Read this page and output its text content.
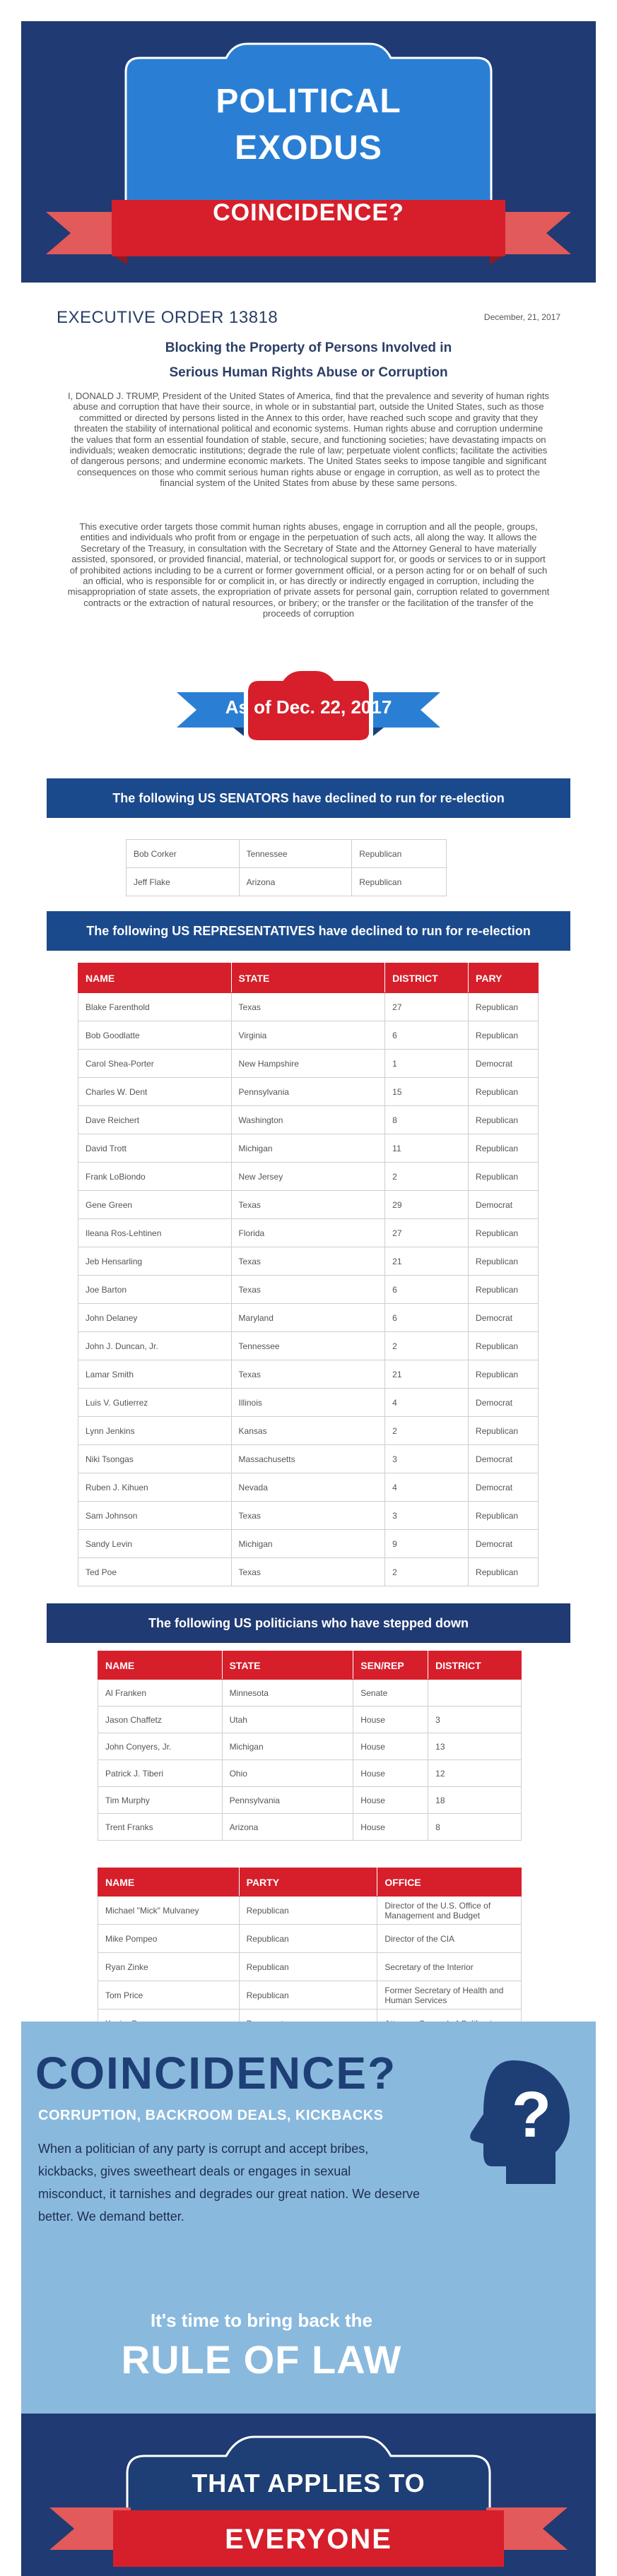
POLITICAL
EXODUS
COINCIDENCE?
EXECUTIVE ORDER 13818	December, 21, 2017
Blocking the Property of Persons Involved in
Serious Human Rights Abuse or Corruption
I, DONALD J. TRUMP, President of the United States of America, find that the prevalence and severity of human rights abuse and corruption that have their source, in whole or in substantial part, outside the United States, such as those committed or directed by persons listed in the Annex to this order, have reached such scope and gravity that they threaten the stability of international political and economic systems. Human rights abuse and corruption undermine the values that form an essential foundation of stable, secure, and functioning societies; have devastating impacts on individuals; weaken democratic institutions; degrade the rule of law; perpetuate violent conflicts; facilitate the activities of dangerous persons; and undermine economic markets. The United States seeks to impose tangible and significant consequences on those who commit serious human rights abuse or engage in corruption, as well as to protect the financial system of the United States from abuse by these same persons.
This executive order targets those commit human rights abuses, engage in corruption and all the people, groups, entities and individuals who profit from or engage in the perpetuation of such acts, all along the way. It allows the Secretary of the Treasury, in consultation with the Secretary of State and the Attorney General to have materially assisted, sponsored, or provided financial, material, or technological support for, or goods or services to or in support of prohibited actions including to be a current or former government official, or a person acting for or on behalf of such an official, who is responsible for or complicit in, or has directly or indirectly engaged in corruption, including the misappropriation of state assets, the expropriation of private assets for personal gain, corruption related to government contracts or the extraction of natural resources, or bribery; or the transfer or the facilitation of the transfer of the proceeds of corruption
As of Dec. 22, 2017
The following US SENATORS have declined to run for re-election
Bob Corker	Tennessee	Republican
Jeff Flake	Arizona	Republican
The following US REPRESENTATIVES have declined to run for re-election
NAME	STATE	DISTRICT	PARY
Blake Farenthold	Texas	27	Republican
Bob Goodlatte	Virginia	6	Republican
Carol Shea-Porter	New Hampshire	1	Democrat
Charles W. Dent	Pennsylvania	15	Republican
Dave Reichert	Washington	8	Republican
David Trott	Michigan	11	Republican
Frank LoBiondo	New Jersey	2	Republican
Gene Green	Texas	29	Democrat
Ileana Ros-Lehtinen	Florida	27	Republican
Jeb Hensarling	Texas	21	Republican
Joe Barton	Texas	6	Republican
John Delaney	Maryland	6	Democrat
John J. Duncan, Jr.	Tennessee	2	Republican
Lamar Smith	Texas	21	Republican
Luis V. Gutierrez	Illinois	4	Democrat
Lynn Jenkins	Kansas	2	Republican
Niki Tsongas	Massachusetts	3	Democrat
Ruben J. Kihuen	Nevada	4	Democrat
Sam Johnson	Texas	3	Republican
Sandy Levin	Michigan	9	Democrat
Ted Poe	Texas	2	Republican
The following US politicians who have stepped down
NAME	STATE	SEN/REP	DISTRICT
Al Franken	Minnesota	Senate	
Jason Chaffetz	Utah	House	3
John Conyers, Jr.	Michigan	House	13
Patrick J. Tiberi	Ohio	House	12
Tim Murphy	Pennsylvania	House	18
Trent Franks	Arizona	House	8
NAME	PARTY	OFFICE
Michael "Mick" Mulvaney	Republican	Director of the U.S. Office of Management and Budget
Mike Pompeo	Republican	Director of the CIA
Ryan Zinke	Republican	Secretary of the Interior
Tom Price	Republican	Former Secretary of Health and Human Services

COINCIDENCE?
CORRUPTION, BACKROOM DEALS, KICKBACKS
When a politician of any party is corrupt and accept bribes, kickbacks, gives sweetheart deals or engages in sexual misconduct, it tarnishes and degrades our great nation. We deserve better. We demand better.
?
It's time to bring back the
RULE OF LAW
THAT APPLIES TO
EVERYONE
